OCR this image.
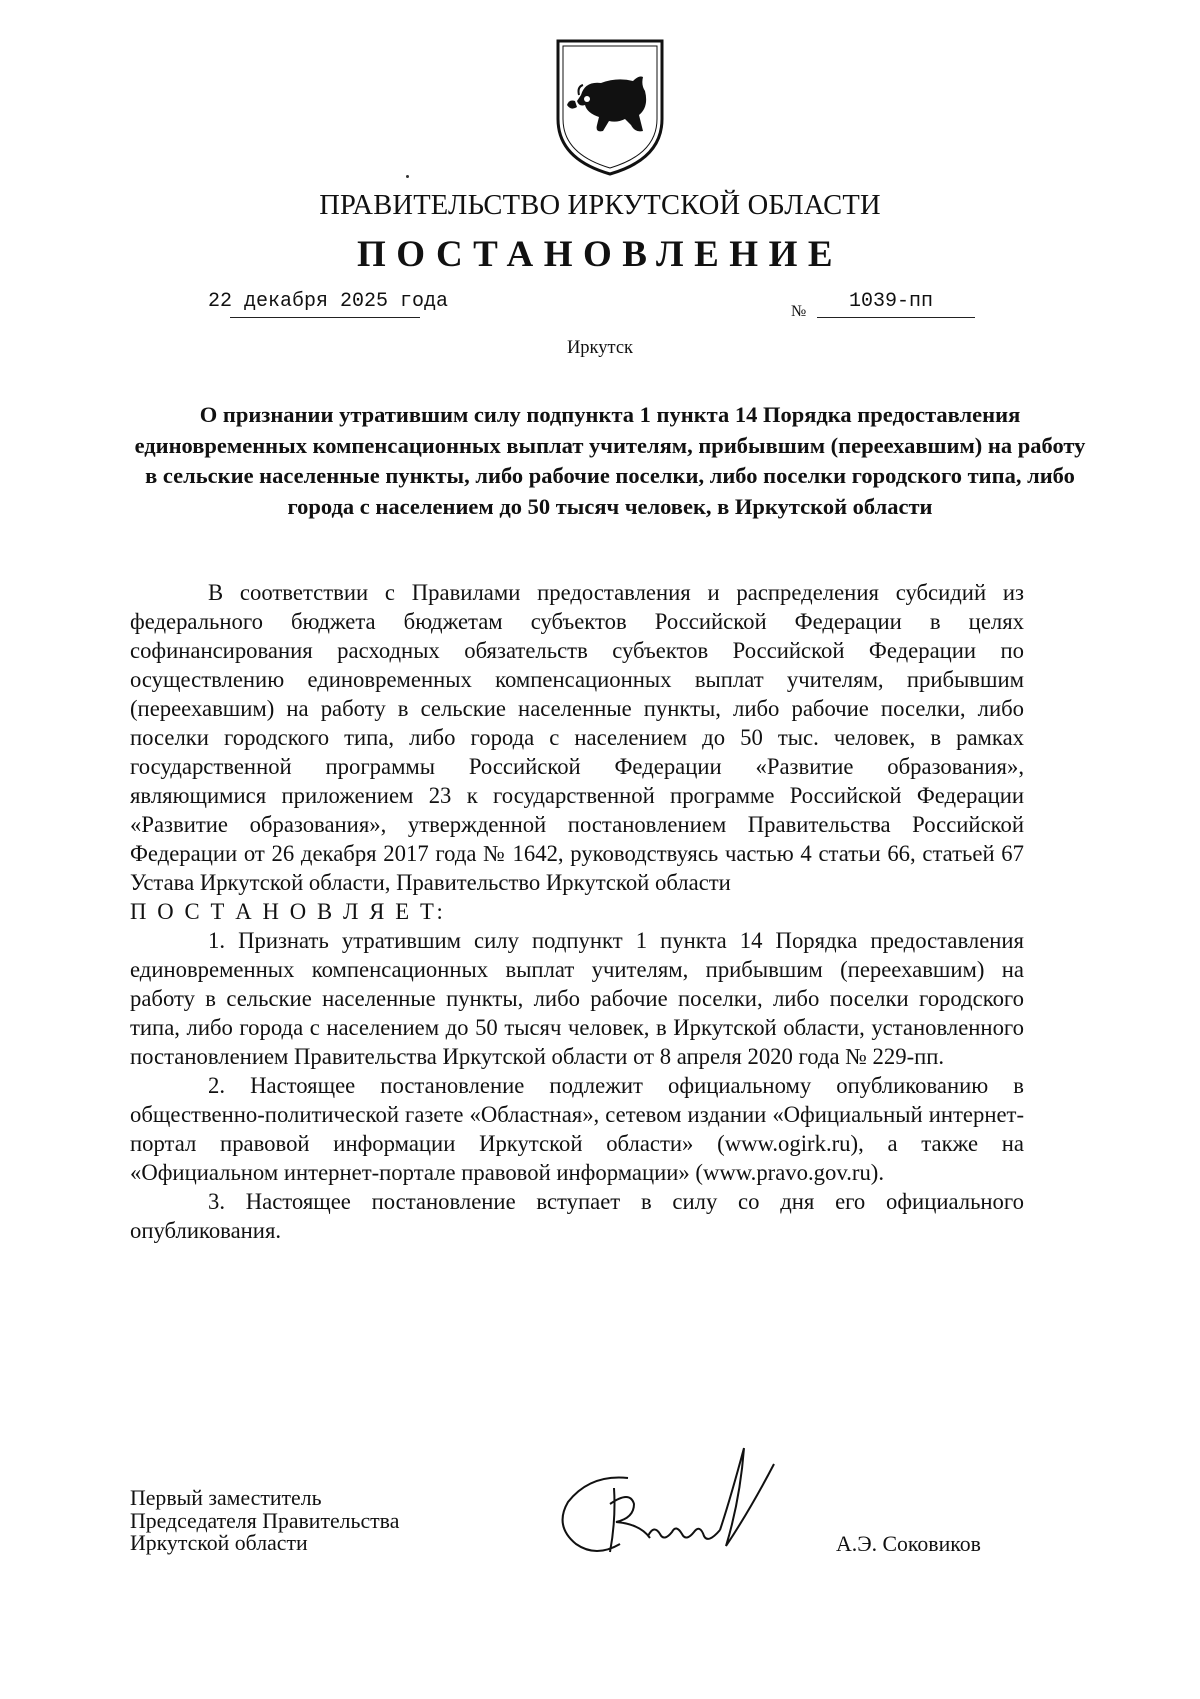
ПРАВИТЕЛЬСТВО ИРКУТСКОЙ ОБЛАСТИ
ПОСТАНОВЛЕНИЕ
22 декабря 2025 года	№	1039-пп
Иркутск
О признании утратившим силу подпункта 1 пункта 14 Порядка предоставления единовременных компенсационных выплат учителям, прибывшим (переехавшим) на работу в сельские населенные пункты, либо рабочие поселки, либо поселки городского типа, либо города с населением до 50 тысяч человек, в Иркутской области

В соответствии с Правилами предоставления и распределения субсидий из федерального бюджета бюджетам субъектов Российской Федерации в целях софинансирования расходных обязательств субъектов Российской Федерации по осуществлению единовременных компенсационных выплат учителям, прибывшим (переехавшим) на работу в сельские населенные пункты, либо рабочие поселки, либо поселки городского типа, либо города с населением до 50 тыс. человек, в рамках государственной программы Российской Федерации «Развитие образования», являющимися приложением 23 к государственной программе Российской Федерации «Развитие образования», утвержденной постановлением Правительства Российской Федерации от 26 декабря 2017 года № 1642, руководствуясь частью 4 статьи 66, статьей 67 Устава Иркутской области, Правительство Иркутской области

П О С Т А Н О В Л Я Е Т:

1. Признать утратившим силу подпункт 1 пункта 14 Порядка предоставления единовременных компенсационных выплат учителям, прибывшим (переехавшим) на работу в сельские населенные пункты, либо рабочие поселки, либо поселки городского типа, либо города с населением до 50 тысяч человек, в Иркутской области, установленного постановлением Правительства Иркутской области от 8 апреля 2020 года № 229-пп.

2. Настоящее постановление подлежит официальному опубликованию в общественно-политической газете «Областная», сетевом издании «Официальный интернет-портал правовой информации Иркутской области» (www.ogirk.ru), а также на «Официальном интернет-портале правовой информации» (www.pravo.gov.ru).

3. Настоящее постановление вступает в силу со дня его официального опубликования.

Первый заместитель
Председателя Правительства
Иркутской области	А.Э. Соковиков
